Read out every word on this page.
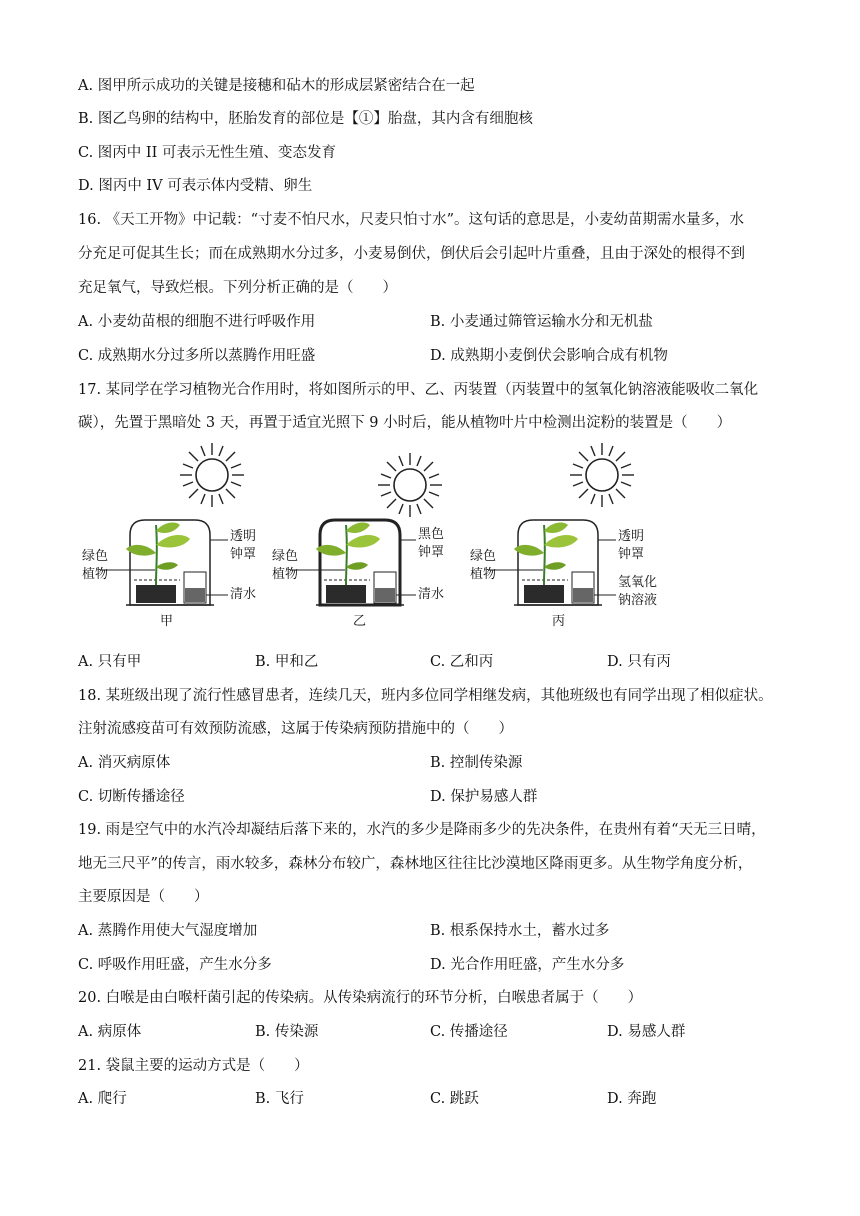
A. 图甲所示成功的关键是接穗和砧木的形成层紧密结合在一起
B. 图乙鸟卵的结构中，胚胎发育的部位是【①】胎盘，其内含有细胞核
C. 图丙中 II 可表示无性生殖、变态发育
D. 图丙中 IV 可表示体内受精、卵生
16. 《天工开物》中记载：“寸麦不怕尺水，尺麦只怕寸水”。这句话的意思是，小麦幼苗期需水量多，水
分充足可促其生长；而在成熟期水分过多，小麦易倒伏，倒伏后会引起叶片重叠，且由于深处的根得不到
充足氧气，导致烂根。下列分析正确的是（　　）
A. 小麦幼苗根的细胞不进行呼吸作用	B. 小麦通过筛管运输水分和无机盐
C. 成熟期水分过多所以蒸腾作用旺盛	D. 成熟期小麦倒伏会影响合成有机物
17. 某同学在学习植物光合作用时，将如图所示的甲、乙、丙装置（丙装置中的氢氧化钠溶液能吸收二氧化
碳），先置于黑暗处 3 天，再置于适宜光照下 9 小时后，能从植物叶片中检测出淀粉的装置是（　　）
绿色
植物
透明
钟罩
清水
甲
绿色
植物
黑色
钟罩
清水
乙
绿色
植物
透明
钟罩
氢氧化
钠溶液
丙
A. 只有甲	B. 甲和乙	C. 乙和丙	D. 只有丙
18. 某班级出现了流行性感冒患者，连续几天，班内多位同学相继发病，其他班级也有同学出现了相似症状。
注射流感疫苗可有效预防流感，这属于传染病预防措施中的（　　）
A. 消灭病原体	B. 控制传染源
C. 切断传播途径	D. 保护易感人群
19. 雨是空气中的水汽冷却凝结后落下来的，水汽的多少是降雨多少的先决条件，在贵州有着“天无三日晴，
地无三尺平”的传言，雨水较多，森林分布较广，森林地区往往比沙漠地区降雨更多。从生物学角度分析，
主要原因是（　　）
A. 蒸腾作用使大气湿度增加	B. 根系保持水土，蓄水过多
C. 呼吸作用旺盛，产生水分多	D. 光合作用旺盛，产生水分多
20. 白喉是由白喉杆菌引起的传染病。从传染病流行的环节分析，白喉患者属于（　　）
A. 病原体	B. 传染源	C. 传播途径	D. 易感人群
21. 袋鼠主要的运动方式是（　　）
A. 爬行	B. 飞行	C. 跳跃	D. 奔跑
